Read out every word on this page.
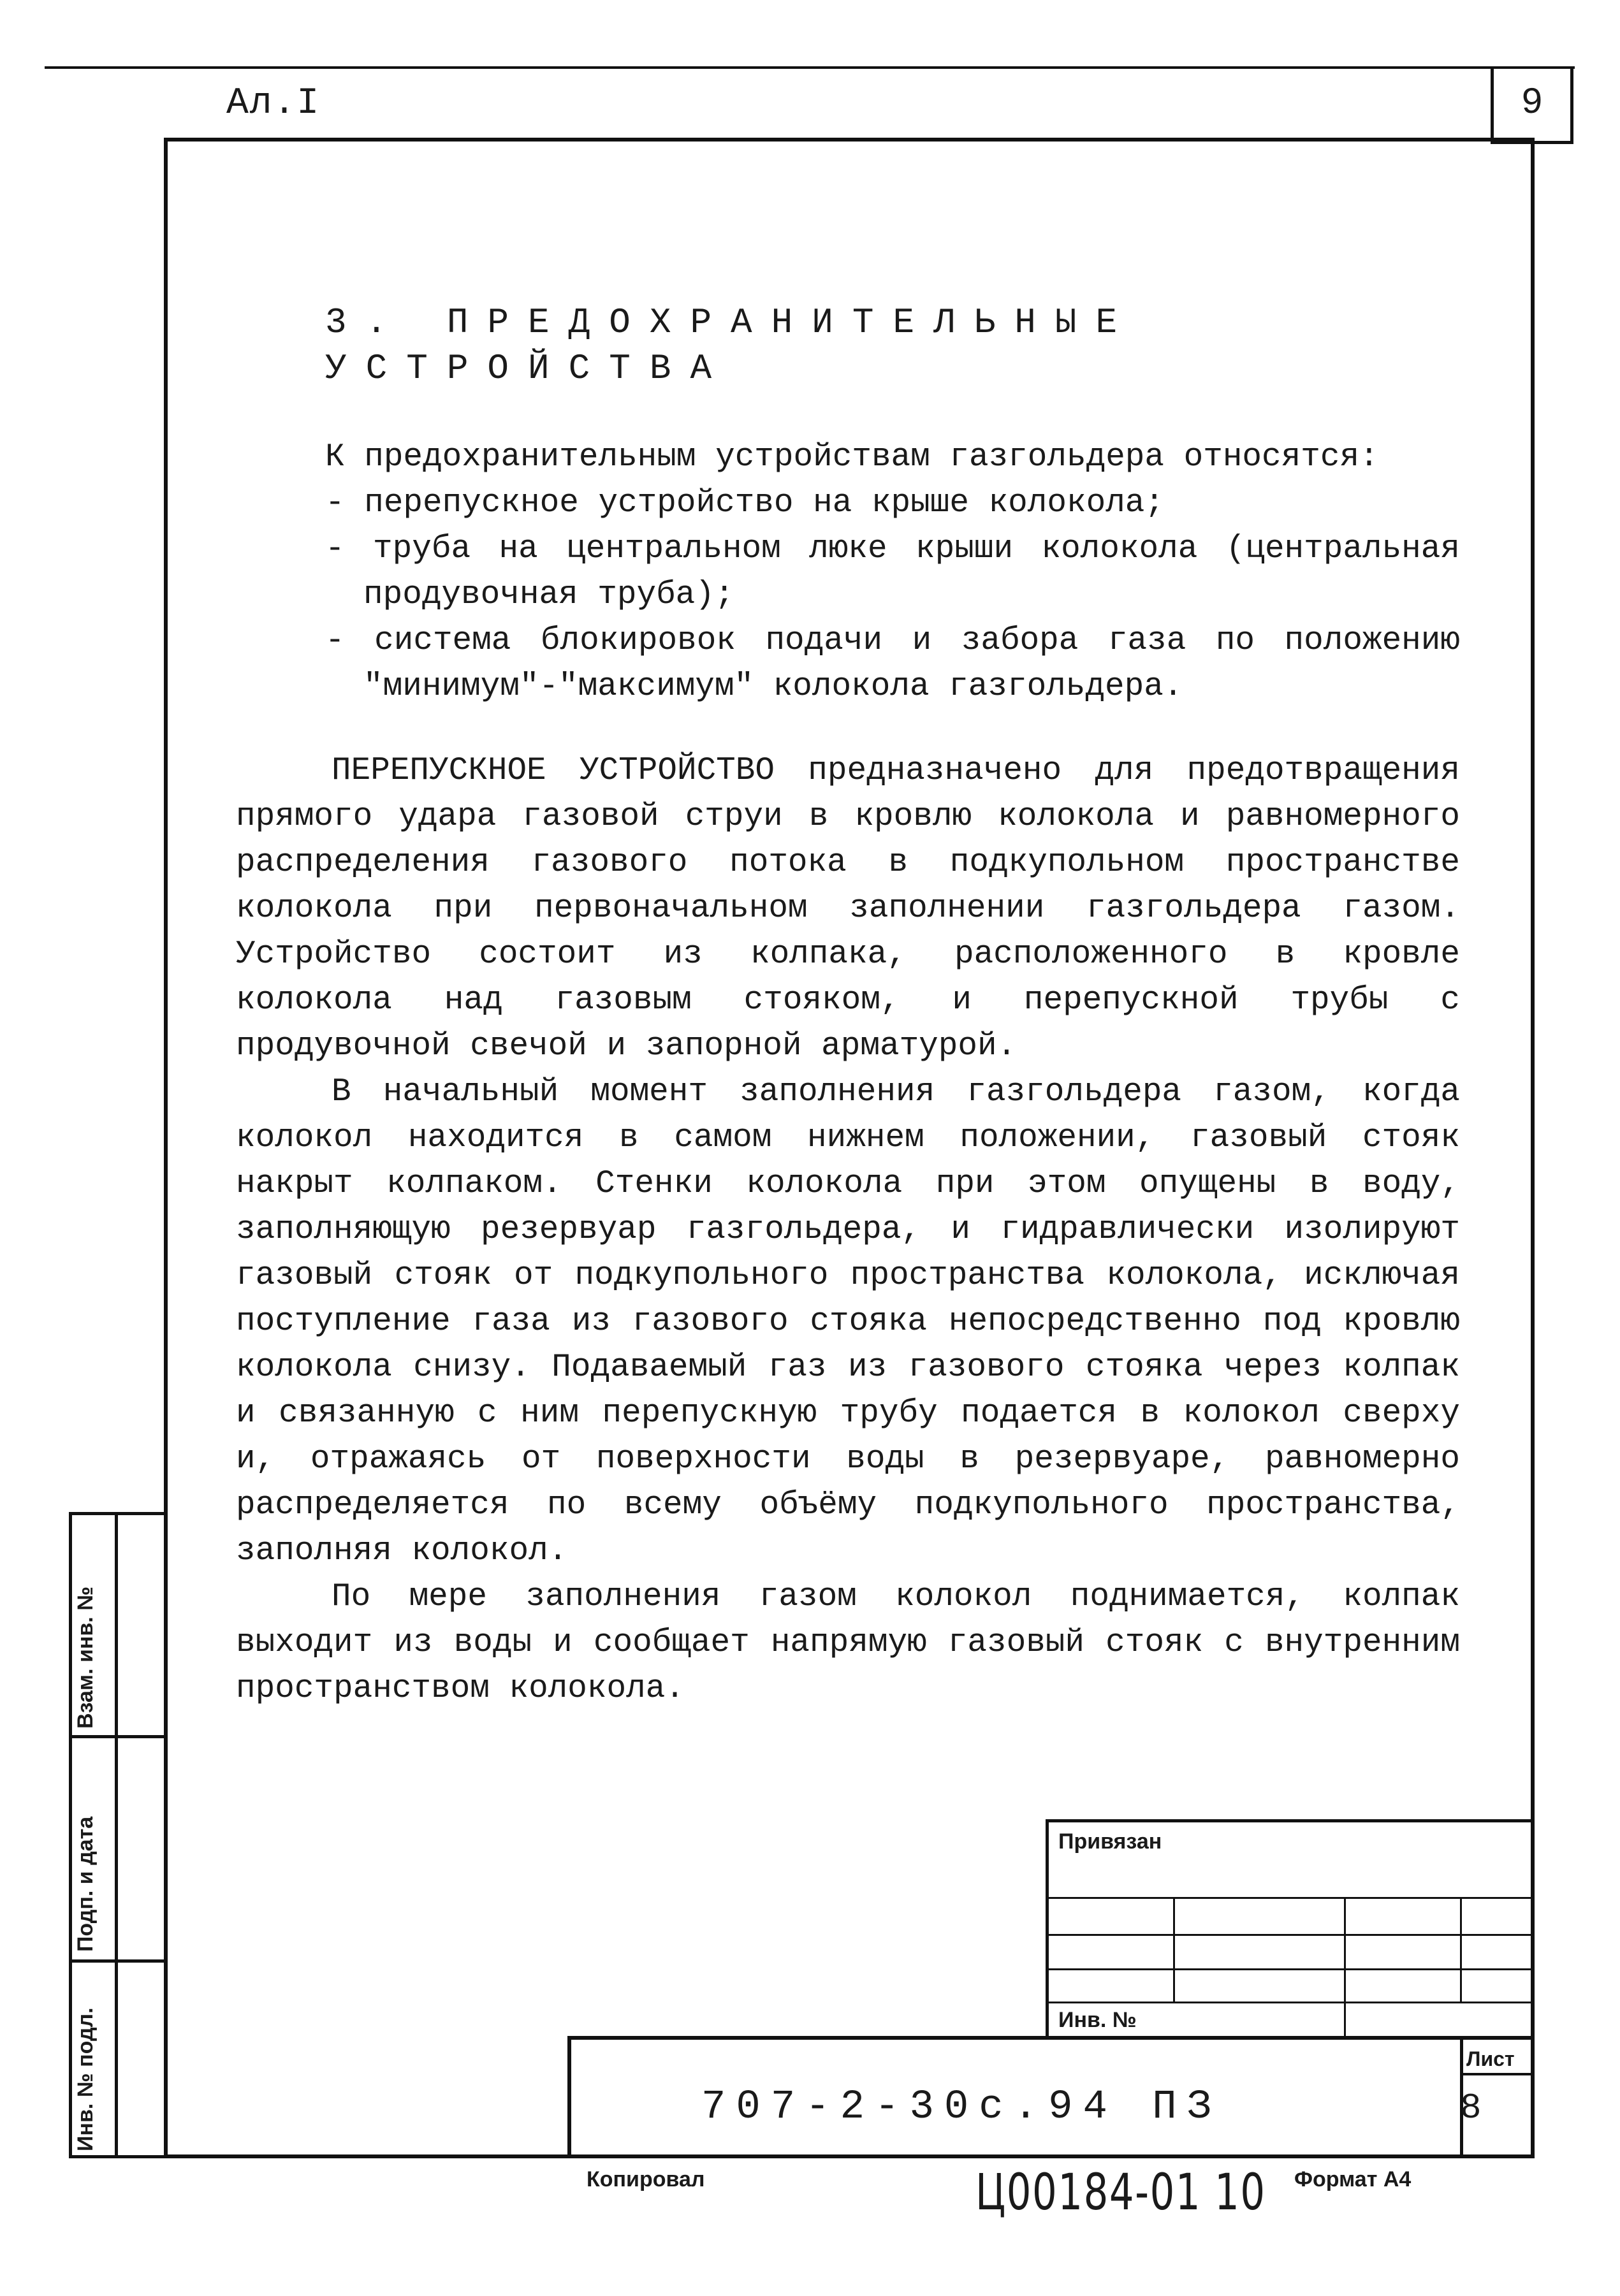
Ал.I	9
3. ПРЕДОХРАНИТЕЛЬНЫЕ УСТРОЙСТВА

К предохранительным устройствам газгольдера относятся:

- перепускное устройство на крыше колокола;
- труба на центральном люке крыши колокола (центральная продувочная труба);
- система блокировок подачи и забора газа по положению "минимум"-"максимум" колокола газгольдера.

ПЕРЕПУСКНОЕ УСТРОЙСТВО предназначено для предотвращения прямого удара газовой струи в кровлю колокола и равномерного распределения газового потока в подкупольном пространстве колокола при первоначальном заполнении газгольдера газом. Устройство состоит из колпака, расположенного в кровле колокола над газовым стояком, и перепускной трубы с продувочной свечой и запорной арматурой.

В начальный момент заполнения газгольдера газом, когда колокол находится в самом нижнем положении, газовый стояк накрыт колпаком. Стенки колокола при этом опущены в воду, заполняющую резервуар газгольдера, и гидравлически изолируют газовый стояк от подкупольного пространства колокола, исключая поступление газа из газового стояка непосредственно под кровлю колокола снизу. Подаваемый газ из газового стояка через колпак и связанную с ним перепускную трубу подается в колокол сверху и, отражаясь от поверхности воды в резервуаре, равномерно распределяется по всему объёму подкупольного пространства, заполняя колокол.

По мере заполнения газом колокол поднимается, колпак выходит из воды и сообщает напрямую газовый стояк с внутренним пространством колокола.

Взам. инв. №
Подп. и дата
Инв. № подл.
Привязан
Инв. №
Лист
707-2-30с.94 ПЗ	8
Копировал	Ц00184-01 10 Формат А4
